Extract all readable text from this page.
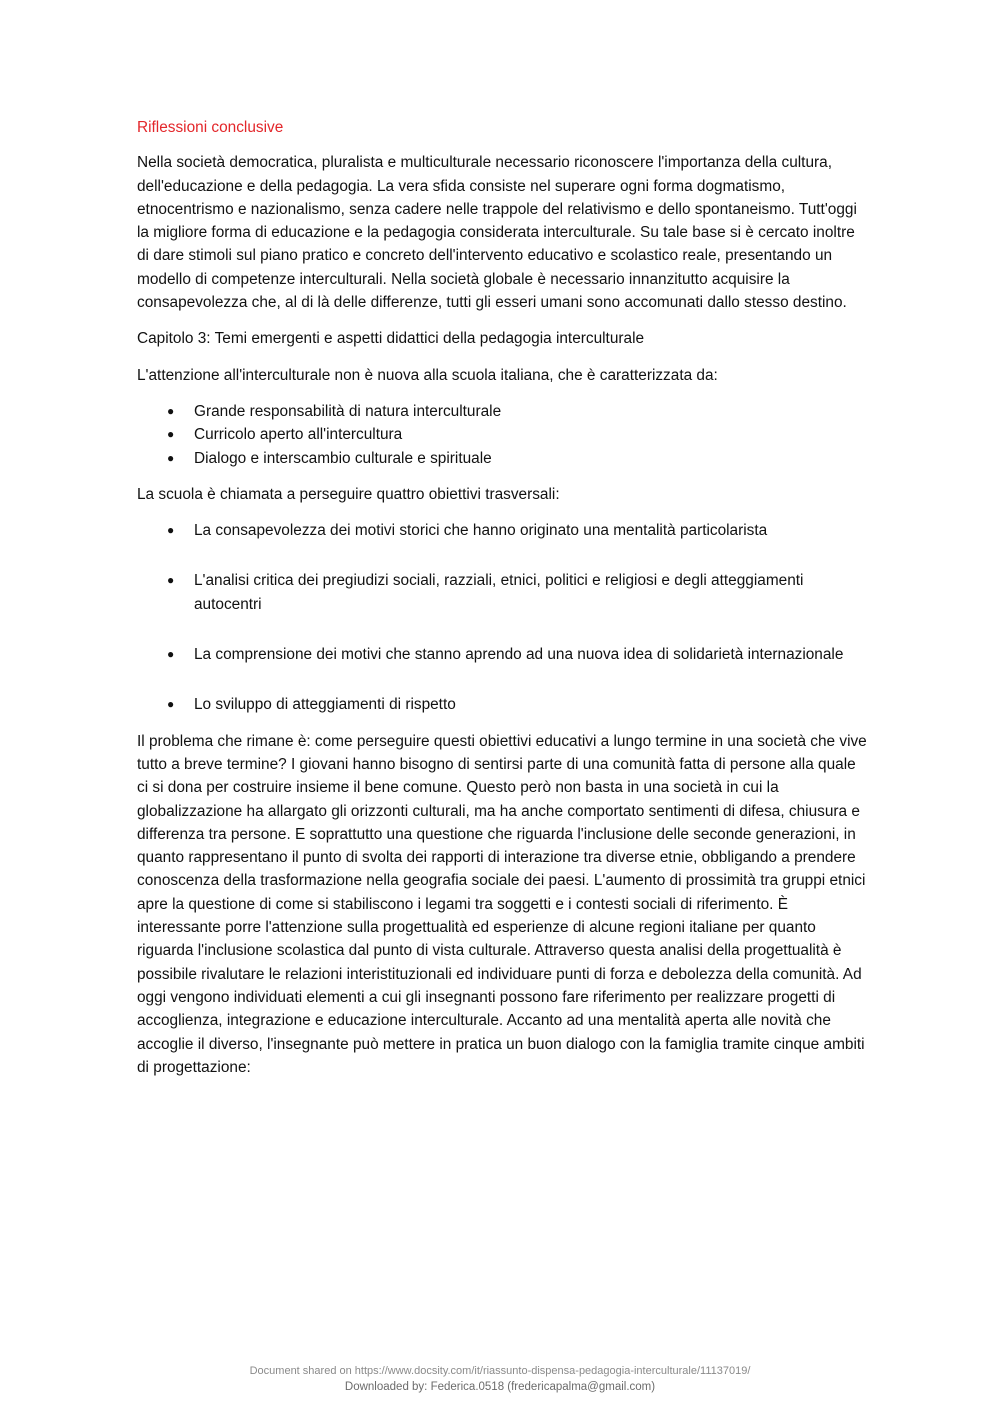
Riflessioni conclusive

Nella società democratica, pluralista e multiculturale necessario riconoscere l'importanza della cultura, dell'educazione e della pedagogia. La vera sfida consiste nel superare ogni forma dogmatismo, etnocentrismo e nazionalismo, senza cadere nelle trappole del relativismo e dello spontaneismo. Tutt'oggi la migliore forma di educazione e la pedagogia considerata interculturale. Su tale base si è cercato inoltre di dare stimoli sul piano pratico e concreto dell'intervento educativo e scolastico reale, presentando un modello di competenze interculturali. Nella società globale è necessario innanzitutto acquisire la consapevolezza che, al di là delle differenze, tutti gli esseri umani sono accomunati dallo stesso destino.

Capitolo 3: Temi emergenti e aspetti didattici della pedagogia interculturale

L'attenzione all'interculturale non è nuova alla scuola italiana, che è caratterizzata da:

● Grande responsabilità di natura interculturale
● Curricolo aperto all'intercultura
● Dialogo e interscambio culturale e spirituale

La scuola è chiamata a perseguire quattro obiettivi trasversali:

● La consapevolezza dei motivi storici che hanno originato una mentalità particolarista
● L'analisi critica dei pregiudizi sociali, razziali, etnici, politici e religiosi e degli atteggiamenti autocentri
● La comprensione dei motivi che stanno aprendo ad una nuova idea di solidarietà internazionale
● Lo sviluppo di atteggiamenti di rispetto

Il problema che rimane è: come perseguire questi obiettivi educativi a lungo termine in una società che vive tutto a breve termine? I giovani hanno bisogno di sentirsi parte di una comunità fatta di persone alla quale ci si dona per costruire insieme il bene comune. Questo però non basta in una società in cui la globalizzazione ha allargato gli orizzonti culturali, ma ha anche comportato sentimenti di difesa, chiusura e differenza tra persone. E soprattutto una questione che riguarda l'inclusione delle seconde generazioni, in quanto rappresentano il punto di svolta dei rapporti di interazione tra diverse etnie, obbligando a prendere conoscenza della trasformazione nella geografia sociale dei paesi. L'aumento di prossimità tra gruppi etnici apre la questione di come si stabiliscono i legami tra soggetti e i contesti sociali di riferimento. È interessante porre l'attenzione sulla progettualità ed esperienze di alcune regioni italiane per quanto riguarda l'inclusione scolastica dal punto di vista culturale. Attraverso questa analisi della progettualità è possibile rivalutare le relazioni interistituzionali ed individuare punti di forza e debolezza della comunità. Ad oggi vengono individuati elementi a cui gli insegnanti possono fare riferimento per realizzare progetti di accoglienza, integrazione e educazione interculturale. Accanto ad una mentalità aperta alle novità che accoglie il diverso, l'insegnante può mettere in pratica un buon dialogo con la famiglia tramite cinque ambiti di progettazione:

Document shared on https://www.docsity.com/it/riassunto-dispensa-pedagogia-interculturale/11137019/
Downloaded by: Federica.0518 (fredericapalma@gmail.com)
